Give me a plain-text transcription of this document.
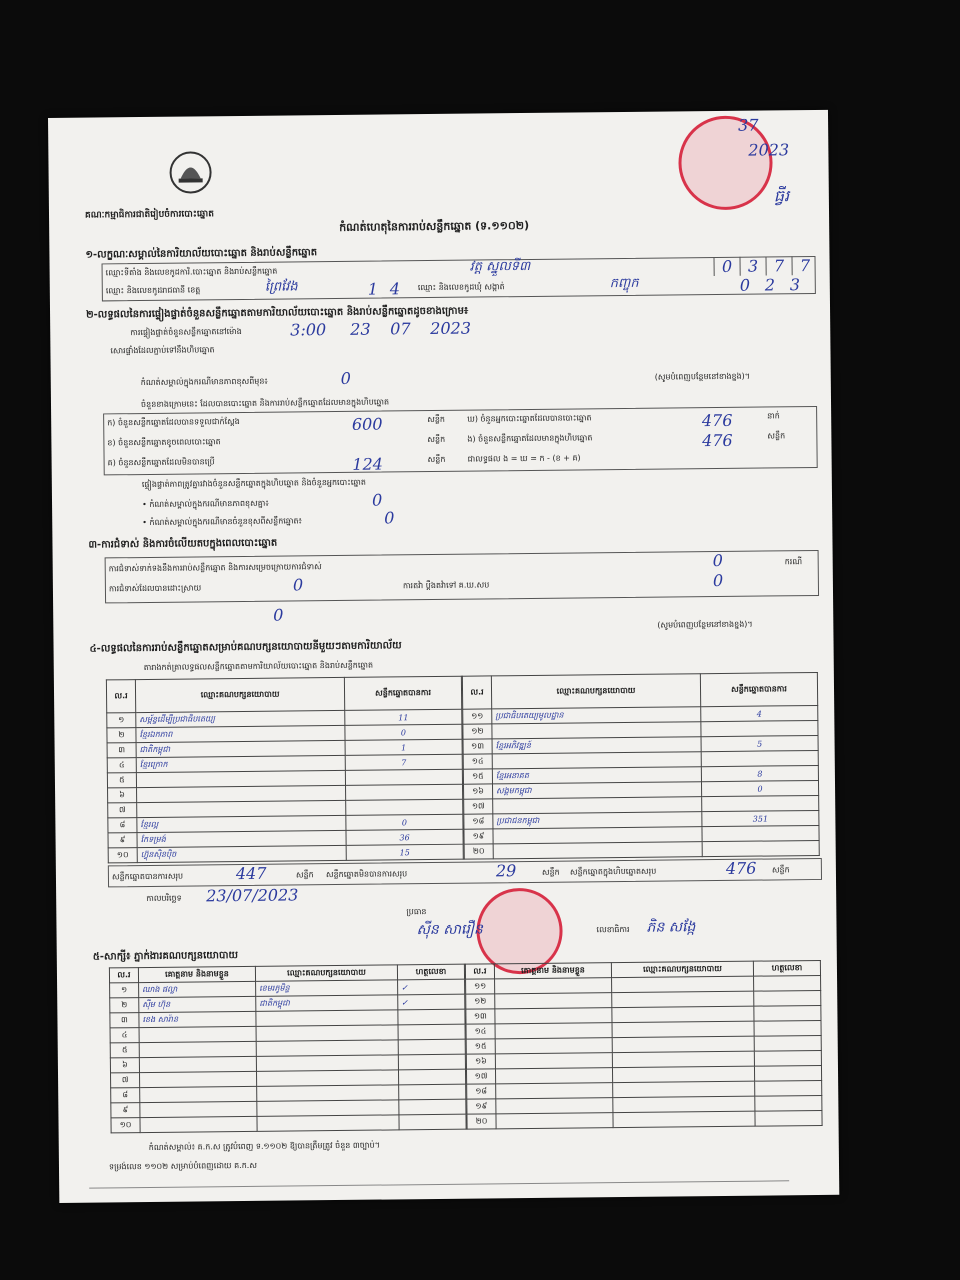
គណៈកម្មាធិការជាតិរៀបចំការបោះឆ្នោត
37
2023
ធ្វីរ
កំណត់ហេតុនៃការរាប់សន្លឹកឆ្នោត (ទ.១១០២)
១-លក្ខណៈសម្គាល់នៃការិយាល័យបោះឆ្នោត និងរាប់សន្លឹកឆ្នោត
ឈ្មោះទីតាំង និងលេខកូដការិ.បោះឆ្នោត និងរាប់សន្លឹកឆ្នោត	វត្ត ស្នួលទី៣	0 3 7 7
ឈ្មោះ និងលេខកូដរាជធានី ខេត្ត	ព្រៃវែង	1 4 ឈ្មោះ និងលេខកូដឃុំ សង្កាត់	កញ្ចុក	0 2 3
២-លទ្ធផលនៃការផ្ទៀងផ្ទាត់ចំនួនសន្លឹកឆ្នោតតាមការិយាល័យបោះឆ្នោត និងរាប់សន្លឹកឆ្នោតដូចខាងក្រោម៖
ការផ្ទៀងផ្ទាត់ចំនួនសន្លឹកឆ្នោតនៅម៉ោង	3:00 23 07 2023
សោរផ្ទាំងដែលភ្ជាប់ទៅនឹងហិបឆ្នោត
កំណត់សម្គាល់ក្នុងករណីមានភាពខុសពីមុន៖	0	(សូមបំពេញបន្ថែមនៅខាងខ្នង)។
ចំនួនខាងក្រោមនេះ ដែលបានបោះឆ្នោត និងការរាប់សន្លឹកឆ្នោតដែលមានក្នុងហិបឆ្នោត
ក) ចំនួនសន្លឹកឆ្នោតដែលបានទទួលជាក់ស្តែង	600	សន្លឹក	ឃ) ចំនួនអ្នកបោះឆ្នោតដែលបានបោះឆ្នោត	476	នាក់
ខ) ចំនួនសន្លឹកឆ្នោតខូចពេលបោះឆ្នោត	សន្លឹក	ង) ចំនួនសន្លឹកឆ្នោតដែលមានក្នុងហិបឆ្នោត	476	សន្លឹក
គ) ចំនួនសន្លឹកឆ្នោតដែលមិនបានប្រើ	124	សន្លឹក	ជាលទ្ធផល ង = ឃ = ក - (ខ + គ)
ផ្ទៀងផ្ទាត់ភាពត្រូវគ្នារវាងចំនួនសន្លឹកឆ្នោតក្នុងហិបឆ្នោត និងចំនួនអ្នកបោះឆ្នោត
• កំណត់សម្គាល់ក្នុងករណីមានភាពខុសគ្នា៖	0
• កំណត់សម្គាល់ក្នុងករណីមានចំនួនខុសពីសន្លឹកឆ្នោត៖	0
៣-ការជំទាស់ និងការចំលើយតបក្នុងពេលបោះឆ្នោត
ការជំទាស់ទាក់ទងនឹងការរាប់សន្លឹកឆ្នោត និងការសម្រេចក្រោយការជំទាស់	0	ករណី
ការជំទាស់ដែលបានដោះស្រាយ	0	ការតវ៉ា ប្តឹងតវ៉ាទៅ គ.ឃ.សប	0
0	(សូមបំពេញបន្ថែមនៅខាងខ្នង)។
៤-លទ្ធផលនៃការរាប់សន្លឹកឆ្នោតសម្រាប់គណបក្សនយោបាយនីមួយៗតាមការិយាល័យ
តារាងកត់ត្រាលទ្ធផលសន្លឹកឆ្នោតតាមការិយាល័យបោះឆ្នោត និងរាប់សន្លឹកឆ្នោត
ល.រ	ឈ្មោះគណបក្សនយោបាយ	សន្លឹកឆ្នោតបានការ
១	សម្ព័ន្ធដើម្បីប្រជាធិបតេយ្យ	11
២	ខ្មែរឯកភាព	0
៣	ជាតិកម្ពុជា	1
៤	ខ្មែរក្រោក	7
៥		
៦		
៧		
៨	ខ្មែរល្អ	0
៩	កែទម្រង់	36
១០	ហ៊្វុនស៊ិនប៉ិច	15
ល.រ	ឈ្មោះគណបក្សនយោបាយ	សន្លឹកឆ្នោតបានការ
១១	ប្រជាធិបតេយ្យមូលដ្ឋាន	4
១២		
១៣	ខ្មែរអភិវឌ្ឍន៍	5
១៤		
១៥	ខ្មែរអនាគត	8
១៦	សង្គមកម្ពុជា	0
១៧		
១៨	ប្រជាជនកម្ពុជា	351
១៩		
២០		
សន្លឹកឆ្នោតបានការសរុប	447	សន្លឹក សន្លឹកឆ្នោតមិនបានការសរុប	29	សន្លឹក សន្លឹកឆ្នោតក្នុងហិបឆ្នោតសរុប	476 សន្លឹក
កាលបរិច្ឆេទ 23/07/2023
ប្រធាន
ស៊ីន សារឿន	លេខាធិការ ភិន សង្កែ
៥-សាក្សី៖ ភ្នាក់ងារគណបក្សនយោបាយ
ល.រ	គោត្តនាម និងនាមខ្លួន	ឈ្មោះគណបក្សនយោបាយ	ហត្ថលេខា
១	ឈាង ផល្លា	ខេមរភូមិន្ទ	✓
២	ស៊ីម ហ៊ុន	ជាតិកម្ពុជា	✓
៣	ខេង សារ៉ាន		
៤			
៥			
៦			
៧			
៨			
៩			
១០			
ល.រ	គោត្តនាម និងនាមខ្លួន	ឈ្មោះគណបក្សនយោបាយ	ហត្ថលេខា
១១			
១២			
១៣			
១៤			
១៥			
១៦			
១៧			
១៨			
១៩			
២០			
កំណត់សម្គាល់៖ គ.ក.ស ត្រូវបំពេញ ទ.១១០២ ឱ្យបានត្រឹមត្រូវ ចំនួន ៣ច្បាប់។
ទម្រង់លេខ ១១០២ សម្រាប់បំពេញដោយ គ.ក.ស
